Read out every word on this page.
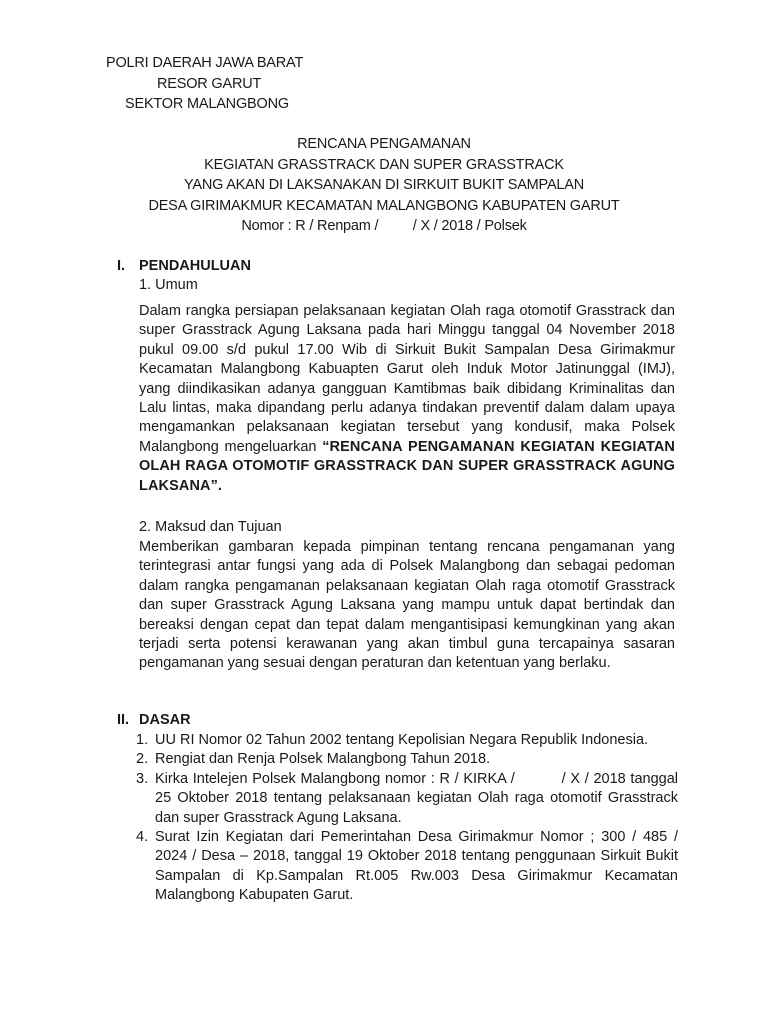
POLRI DAERAH JAWA BARAT
RESOR GARUT
SEKTOR MALANGBONG
RENCANA PENGAMANAN
KEGIATAN GRASSTRACK DAN SUPER GRASSTRACK
YANG AKAN DI LAKSANAKAN DI SIRKUIT BUKIT SAMPALAN
DESA GIRIMAKMUR KECAMATAN MALANGBONG KABUPATEN GARUT
Nomor : R / Renpam /         / X / 2018 / Polsek
I. PENDAHULUAN
1. Umum
Dalam rangka persiapan pelaksanaan kegiatan Olah raga otomotif Grasstrack dan super Grasstrack Agung Laksana pada hari Minggu tanggal 04 November 2018 pukul 09.00 s/d pukul 17.00 Wib di Sirkuit Bukit Sampalan Desa Girimakmur Kecamatan Malangbong Kabuapten Garut oleh Induk Motor Jatinunggal (IMJ), yang diindikasikan adanya gangguan Kamtibmas baik dibidang Kriminalitas dan Lalu lintas, maka dipandang perlu adanya tindakan preventif dalam dalam upaya mengamankan pelaksanaan kegiatan tersebut yang kondusif, maka Polsek Malangbong mengeluarkan “RENCANA PENGAMANAN KEGIATAN KEGIATAN OLAH RAGA OTOMOTIF GRASSTRACK DAN SUPER GRASSTRACK AGUNG LAKSANA”.
2. Maksud dan Tujuan
Memberikan gambaran kepada pimpinan tentang rencana pengamanan yang terintegrasi antar fungsi yang ada di Polsek Malangbong dan sebagai pedoman dalam rangka pengamanan pelaksanaan kegiatan Olah raga otomotif Grasstrack dan super Grasstrack Agung Laksana yang mampu untuk dapat bertindak dan bereaksi dengan cepat dan tepat dalam mengantisipasi kemungkinan yang akan terjadi serta potensi kerawanan yang akan timbul guna tercapainya sasaran pengamanan yang sesuai dengan peraturan dan ketentuan yang berlaku.
II. DASAR
1. UU RI Nomor 02 Tahun 2002 tentang Kepolisian Negara Republik Indonesia.
2. Rengiat dan Renja Polsek Malangbong Tahun 2018.
3. Kirka Intelejen Polsek Malangbong nomor : R / KIRKA /          / X / 2018 tanggal 25 Oktober 2018 tentang pelaksanaan kegiatan Olah raga otomotif Grasstrack dan super Grasstrack Agung Laksana.
4. Surat Izin Kegiatan dari Pemerintahan Desa Girimakmur Nomor ; 300 / 485 / 2024 / Desa – 2018, tanggal 19 Oktober 2018 tentang penggunaan Sirkuit Bukit Sampalan di Kp.Sampalan Rt.005 Rw.003 Desa Girimakmur Kecamatan Malangbong Kabupaten Garut.
